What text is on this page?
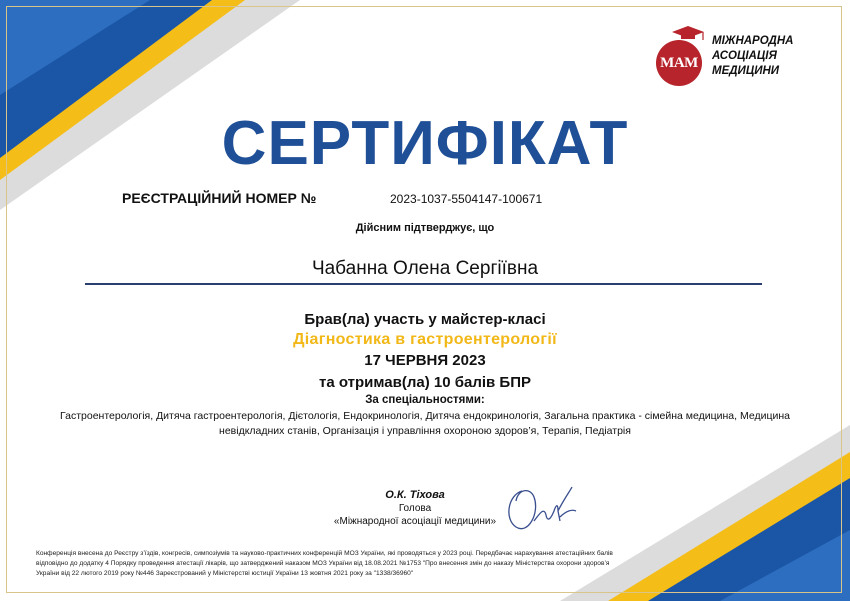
МАМ
МІЖНАРОДНА
АСОЦІАЦІЯ
МЕДИЦИНИ
СЕРТИФІКАТ
РЕЄСТРАЦІЙНИЙ НОМЕР №	2023-1037-5504147-100671
Дійсним підтверджує, що
Чабанна Олена Сергіївна
Брав(ла) участь у майстер-класі
Діагностика в гастроентерології
17 ЧЕРВНЯ 2023
та отримав(ла) 10 балів БПР
За спеціальностями:
Гастроентерологія, Дитяча гастроентерологія, Дієтологія, Ендокринологія, Дитяча ендокринологія, Загальна практика - сімейна медицина, Медицина невідкладних станів, Організація і управління охороною здоров’я, Терапія, Педіатрія
О.К. Тіхова
Голова
«Міжнародної асоціації медицини»
Конференція внесена до Реєстру з’їздів, конгресів, симпозіумів та науково-практичних конференцій МОЗ України, які проводяться у 2023 році. Передбачає нарахування атестаційних балів відповідно до додатку 4 Порядку проведення атестації лікарів, що затверджений наказом МОЗ України від 18.08.2021 №1753 "Про внесення змін до наказу Міністерства охорони здоров’я України від 22 лютого 2019 року №446 Зареєстрований у Міністерстві юстиції України 13 жовтня 2021 року за "1338/36960"
